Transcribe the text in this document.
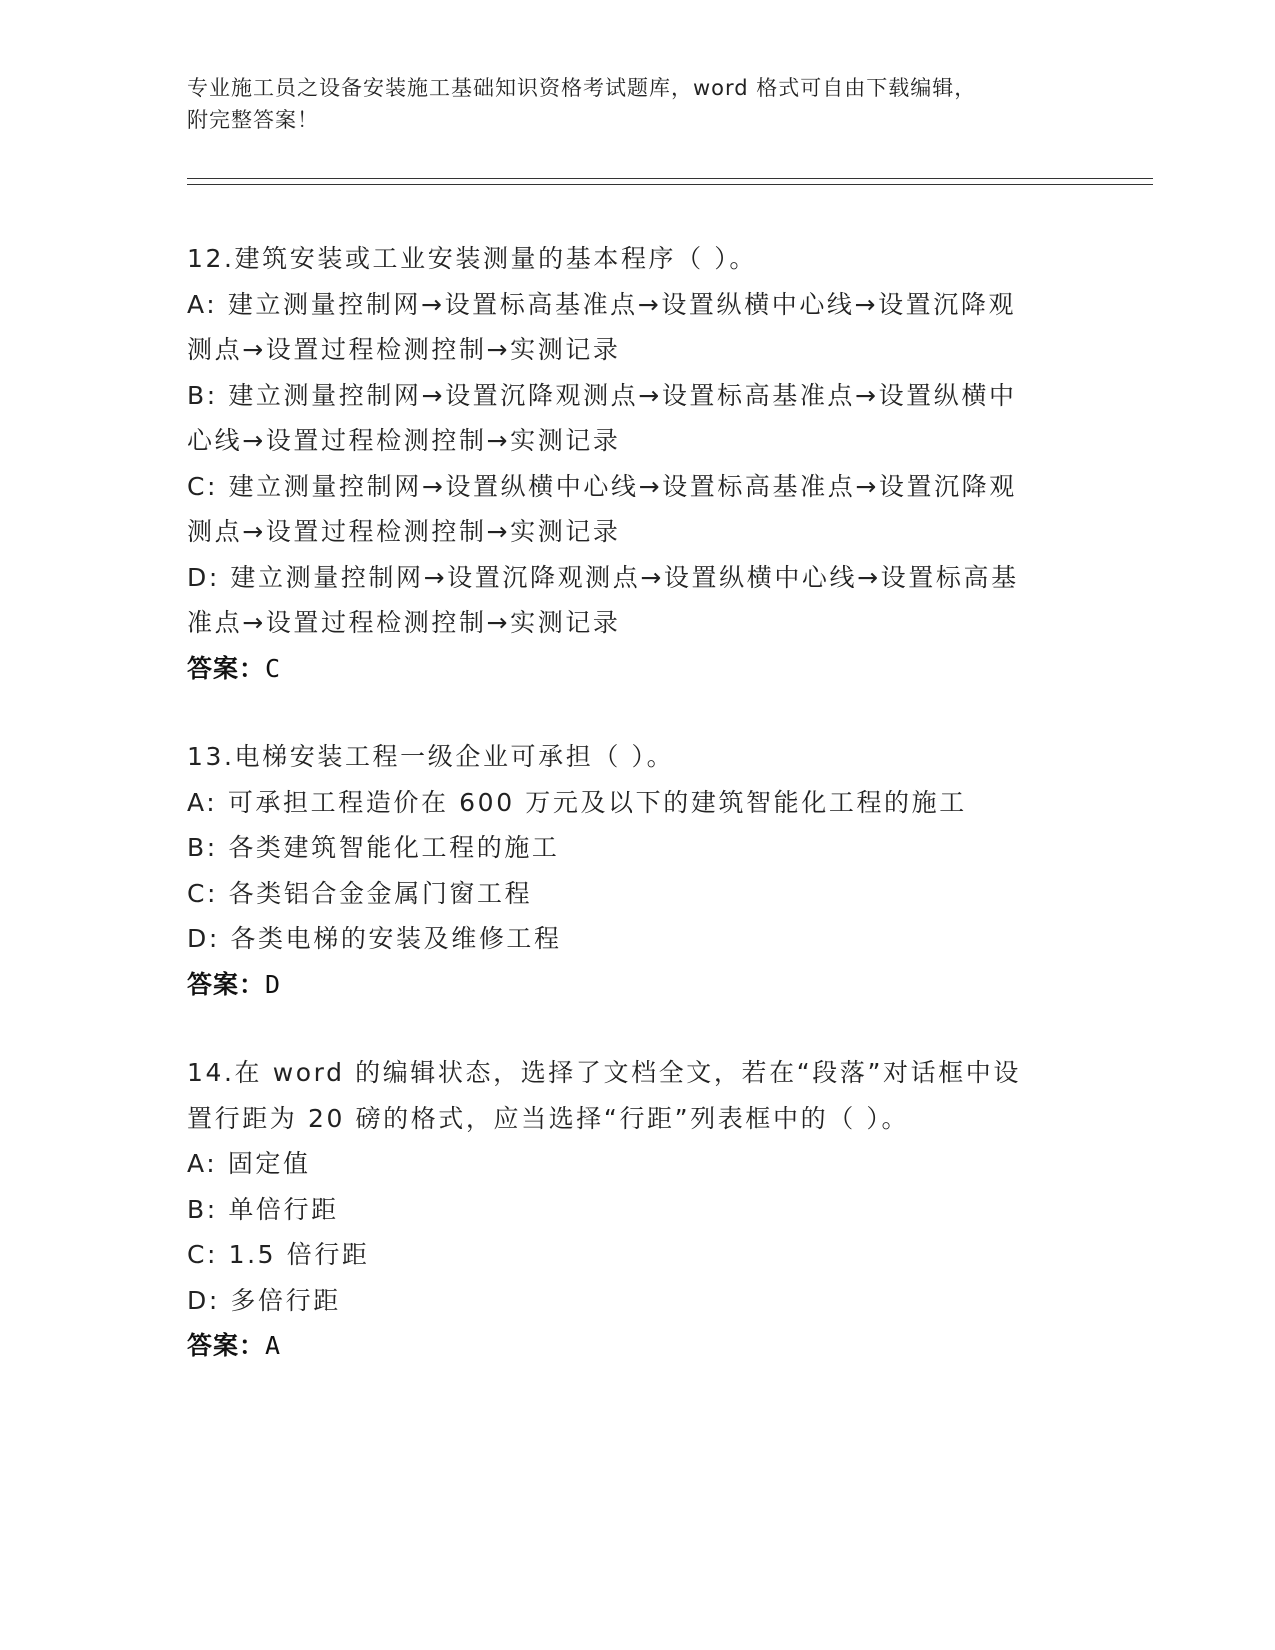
专业施工员之设备安装施工基础知识资格考试题库，word 格式可自由下载编辑，
附完整答案！
12.建筑安装或工业安装测量的基本程序（ ）。
A: 建立测量控制网→设置标高基准点→设置纵横中心线→设置沉降观
测点→设置过程检测控制→实测记录
B: 建立测量控制网→设置沉降观测点→设置标高基准点→设置纵横中
心线→设置过程检测控制→实测记录
C: 建立测量控制网→设置纵横中心线→设置标高基准点→设置沉降观
测点→设置过程检测控制→实测记录
D: 建立测量控制网→设置沉降观测点→设置纵横中心线→设置标高基
准点→设置过程检测控制→实测记录
答案：C
13.电梯安装工程一级企业可承担（ ）。
A: 可承担工程造价在 600 万元及以下的建筑智能化工程的施工
B: 各类建筑智能化工程的施工
C: 各类铝合金金属门窗工程
D: 各类电梯的安装及维修工程
答案：D
14.在 word 的编辑状态，选择了文档全文，若在“段落”对话框中设
置行距为 20 磅的格式，应当选择“行距”列表框中的（ ）。
A: 固定值
B: 单倍行距
C: 1.5 倍行距
D: 多倍行距
答案：A
